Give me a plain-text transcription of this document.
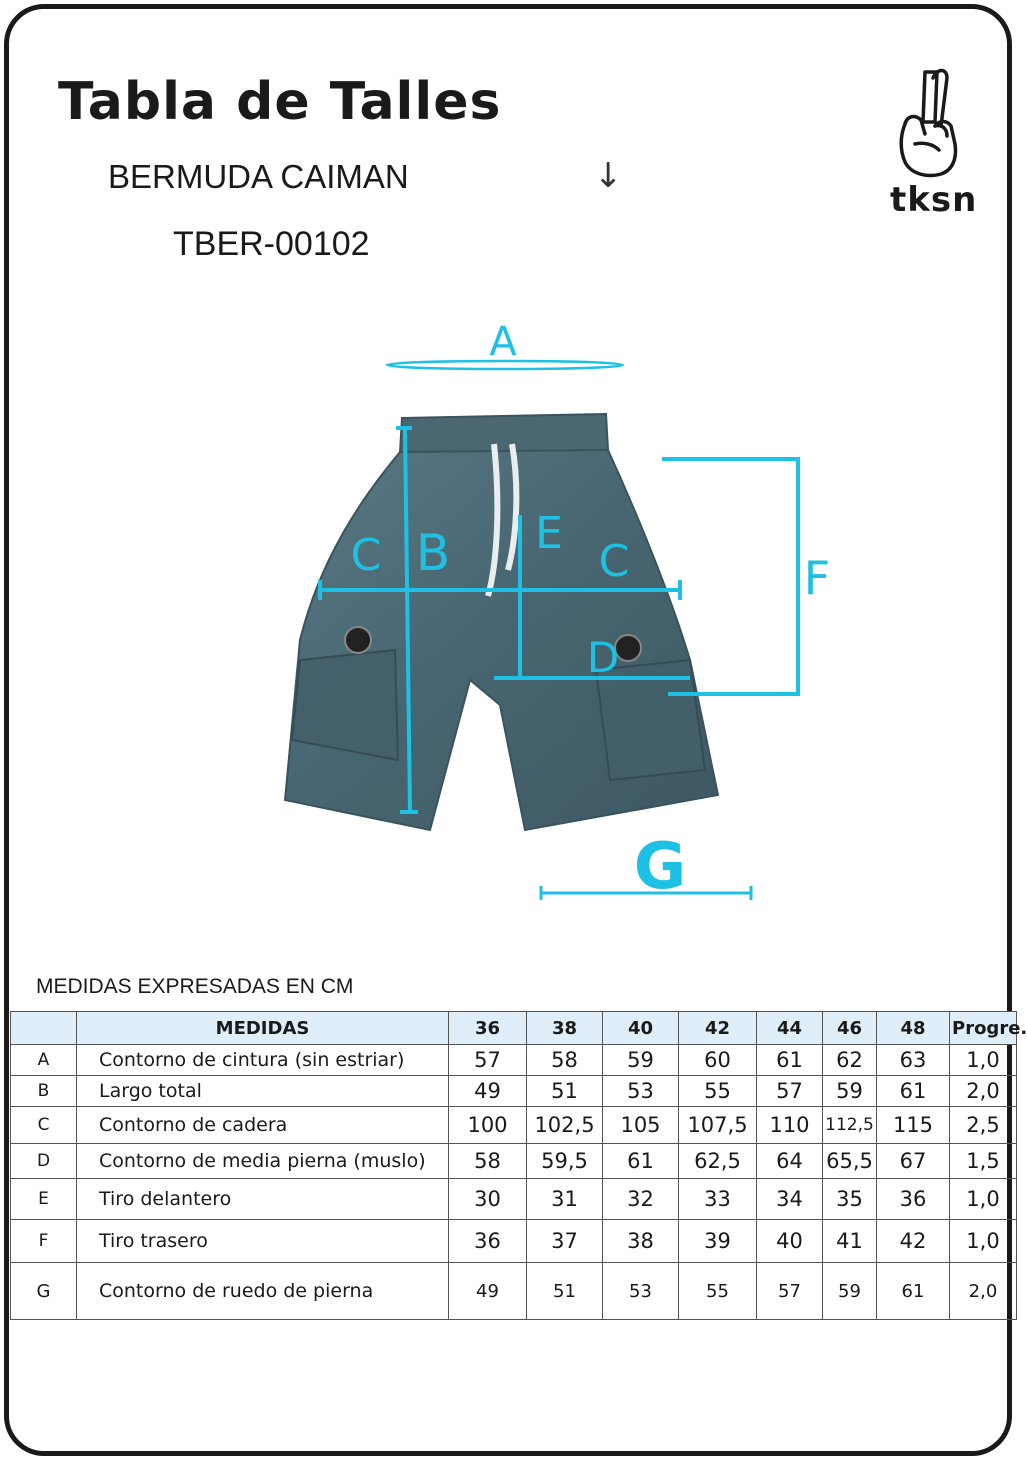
Tabla de Talles
BERMUDA CAIMAN
TBER-00102
↓
tksn
A
B
C	C
E
D
F
G
MEDIDAS EXPRESADAS EN CM
	MEDIDAS	36	38	40	42	44	46	48	Progre.
A	Contorno de cintura (sin estriar)	57	58	59	60	61	62	63	1,0
B	Largo total	49	51	53	55	57	59	61	2,0
C	Contorno de cadera	100	102,5	105	107,5	110	112,5	115	2,5
D	Contorno de media pierna (muslo)	58	59,5	61	62,5	64	65,5	67	1,5
E	Tiro delantero	30	31	32	33	34	35	36	1,0
F	Tiro trasero	36	37	38	39	40	41	42	1,0
G	Contorno de ruedo de pierna	49	51	53	55	57	59	61	2,0
